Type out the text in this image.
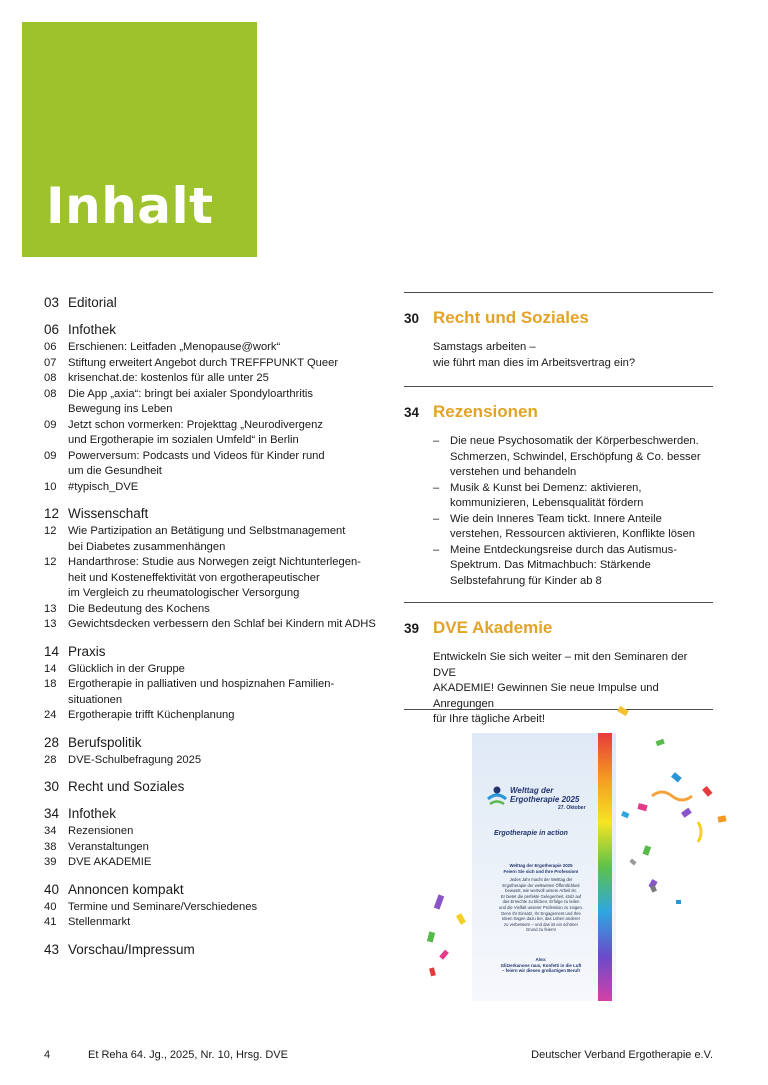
Inhalt
03 Editorial
06 Infothek
06	Erschienen: Leitfaden „Menopause@work“
07	Stiftung erweitert Angebot durch TREFFPUNKT Queer
08	krisenchat.de: kostenlos für alle unter 25
08	Die App „axia“: bringt bei axialer Spondyloarthritis
Bewegung ins Leben
09	Jetzt schon vormerken: Projekttag „Neurodivergenz
und Ergotherapie im sozialen Umfeld“ in Berlin
09	Powerversum: Podcasts und Videos für Kinder rund
um die Gesundheit
10	#typisch_DVE
12 Wissenschaft
12	Wie Partizipation an Betätigung und Selbstmanagement
bei Diabetes zusammenhängen
12	Handarthrose: Studie aus Norwegen zeigt Nichtunterlegen-
heit und Kosteneffektivität von ergotherapeutischer
im Vergleich zu rheumatologischer Versorgung
13	Die Bedeutung des Kochens
13	Gewichtsdecken verbessern den Schlaf bei Kindern mit ADHS
14 Praxis
14	Glücklich in der Gruppe
18	Ergotherapie in palliativen und hospiznahen Familien-
situationen
24	Ergotherapie trifft Küchenplanung
28 Berufspolitik
28	DVE-Schulbefragung 2025
30 Recht und Soziales
34 Infothek
34	Rezensionen
38	Veranstaltungen
39	DVE AKADEMIE
40 Annoncen kompakt
40	Termine und Seminare/Verschiedenes
41	Stellenmarkt
43 Vorschau/Impressum
30 Recht und Soziales
Samstags arbeiten –
wie führt man dies im Arbeitsvertrag ein?
34 Rezensionen
– Die neue Psychosomatik der Körperbeschwerden.
Schmerzen, Schwindel, Erschöpfung & Co. besser
verstehen und behandeln
– Musik & Kunst bei Demenz: aktivieren,
kommunizieren, Lebensqualität fördern
– Wie dein Inneres Team tickt. Innere Anteile
verstehen, Ressourcen aktivieren, Konflikte lösen
– Meine Entdeckungsreise durch das Autismus-
Spektrum. Das Mitmachbuch: Stärkende
Selbstefahrung für Kinder ab 8
39 DVE Akademie
Entwickeln Sie sich weiter – mit den Seminaren der DVE
AKADEMIE! Gewinnen Sie neue Impulse und Anregungen
für Ihre tägliche Arbeit!
Welttag der Ergotherapie 2025
27. Oktober
Ergotherapie in action
Welttag der Ergotherapie 2025
Feiern Sie sich und Ihre Profession!
Jedes Jahr macht der Welttag der
Ergotherapie der weltweiten Öffentlichkeit
bewusst, wie wertvoll unsere Arbeit ist.
Er bietet die perfekte Gelegenheit, stolz auf
das Erreichte zu blicken, Erfolge zu teilen
und die Vielfalt unserer Profession zu zeigen.
Denn Ihr Einsatz, Ihr Engagement und Ihre
Ideen tragen dazu bei, das Leben anderer
zu verbessern – und das ist ein schöner
Grund zu feiern!
Also:
Glitzerkanone raus, Konfetti in die Luft
– feiern wir diesen großartigen Beruf!
4	Et Reha 64. Jg., 2025, Nr. 10, Hrsg. DVE	Deutscher Verband Ergotherapie e.V.
